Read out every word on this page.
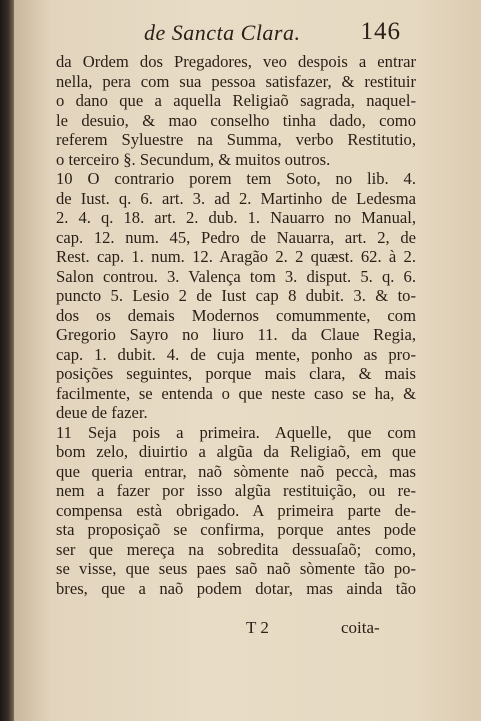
de Sancta Clara. 146
da Ordem dos Pregadores, veo despois a entrar
nella, pera com sua pessoa satisfazer, & restituir
o dano que a aquella Religiaõ sagrada, naquel-
le desuio, & mao conselho tinha dado, como
referem Syluestre na Summa, verbo Restitutio,
o terceiro §. Secundum, & muitos outros.
10 O contrario porem tem Soto, no lib. 4.
de Iust. q. 6. art. 3. ad 2. Martinho de Ledesma
2. 4. q. 18. art. 2. dub. 1. Nauarro no Manual,
cap. 12. num. 45, Pedro de Nauarra, art. 2, de
Rest. cap. 1. num. 12. Aragão 2. 2 quæst. 62. à 2.
Salon controu. 3. Valença tom 3. disput. 5. q. 6.
puncto 5. Lesio 2 de Iust cap 8 dubit. 3. & to-
dos os demais Modernos comummente, com
Gregorio Sayro no liuro 11. da Claue Regia,
cap. 1. dubit. 4. de cuja mente, ponho as pro-
posições seguintes, porque mais clara, & mais
facilmente, se entenda o que neste caso se ha, &
deue de fazer.
11 Seja pois a primeira. Aquelle, que com
bom zelo, diuirtio a algũa da Religiaõ, em que
que queria entrar, naõ sòmente naõ peccà, mas
nem a fazer por isso algũa restituição, ou re-
compensa està obrigado. A primeira parte de-
sta proposiçaõ se confirma, porque antes pode
ser que mereça na sobredita dessuaſaõ; como,
se visse, que seus paes saõ naõ sòmente tão po-
bres, que a naõ podem dotar, mas ainda tão
T 2	coita-
